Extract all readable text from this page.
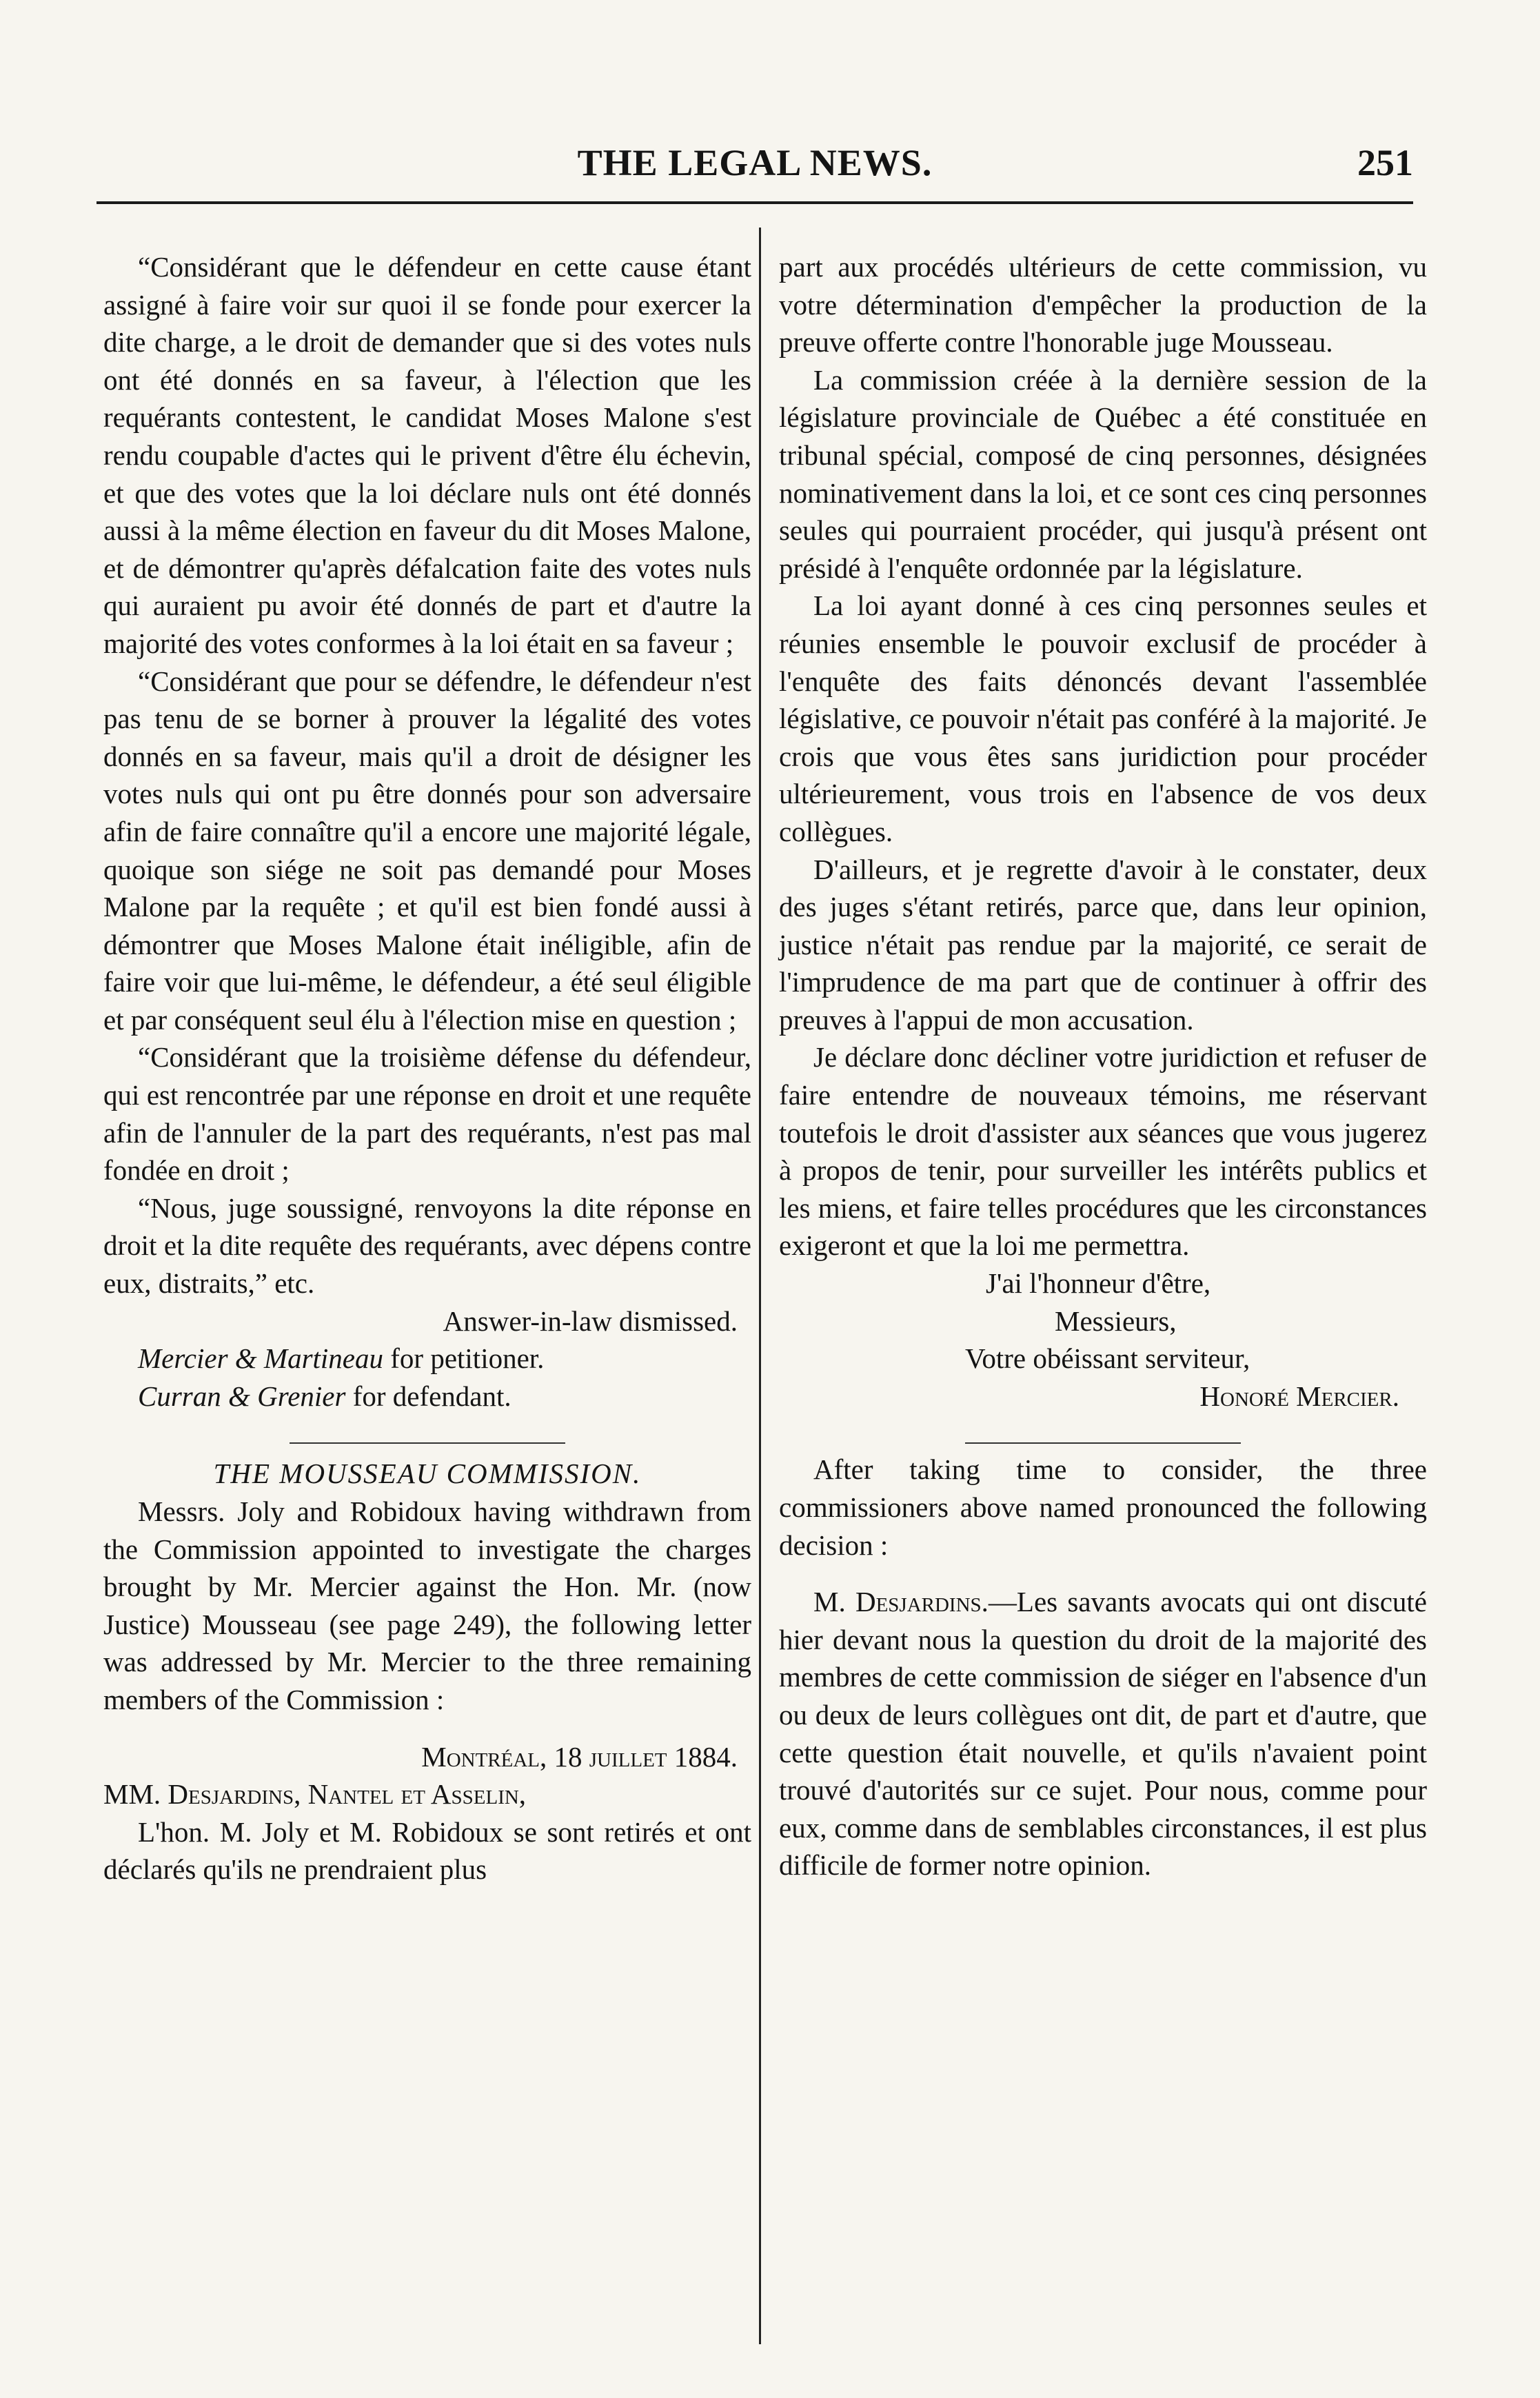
THE LEGAL NEWS.	251

“Considérant que le défendeur en cette cause étant assigné à faire voir sur quoi il se fonde pour exercer la dite charge, a le droit de demander que si des votes nuls ont été donnés en sa faveur, à l'élection que les requérants contestent, le candidat Moses Malone s'est rendu coupable d'actes qui le privent d'être élu échevin, et que des votes que la loi déclare nuls ont été donnés aussi à la même élection en faveur du dit Moses Malone, et de démontrer qu'après défalcation faite des votes nuls qui auraient pu avoir été donnés de part et d'autre la majorité des votes conformes à la loi était en sa faveur ;

“Considérant que pour se défendre, le défendeur n'est pas tenu de se borner à prouver la légalité des votes donnés en sa faveur, mais qu'il a droit de désigner les votes nuls qui ont pu être donnés pour son adversaire afin de faire connaître qu'il a encore une majorité légale, quoique son siége ne soit pas demandé pour Moses Malone par la requête ; et qu'il est bien fondé aussi à démontrer que Moses Malone était inéligible, afin de faire voir que lui-même, le défendeur, a été seul éligible et par conséquent seul élu à l'élection mise en question ;

“Considérant que la troisième défense du défendeur, qui est rencontrée par une réponse en droit et une requête afin de l'annuler de la part des requérants, n'est pas mal fondée en droit ;

“Nous, juge soussigné, renvoyons la dite réponse en droit et la dite requête des requérants, avec dépens contre eux, distraits,” etc.

Answer-in-law dismissed.

Mercier & Martineau for petitioner.

Curran & Grenier for defendant.

THE MOUSSEAU COMMISSION.

Messrs. Joly and Robidoux having withdrawn from the Commission appointed to investigate the charges brought by Mr. Mercier against the Hon. Mr. (now Justice) Mousseau (see page 249), the following letter was addressed by Mr. Mercier to the three remaining members of the Commission :

Montréal, 18 juillet 1884.

MM. Desjardins, Nantel et Asselin,

L'hon. M. Joly et M. Robidoux se sont retirés et ont déclarés qu'ils ne prendraient plus

part aux procédés ultérieurs de cette commission, vu votre détermination d'empêcher la production de la preuve offerte contre l'honorable juge Mousseau.

La commission créée à la dernière session de la législature provinciale de Québec a été constituée en tribunal spécial, composé de cinq personnes, désignées nominativement dans la loi, et ce sont ces cinq personnes seules qui pourraient procéder, qui jusqu'à présent ont présidé à l'enquête ordonnée par la législature.

La loi ayant donné à ces cinq personnes seules et réunies ensemble le pouvoir exclusif de procéder à l'enquête des faits dénoncés devant l'assemblée législative, ce pouvoir n'était pas conféré à la majorité. Je crois que vous êtes sans juridiction pour procéder ultérieurement, vous trois en l'absence de vos deux collègues.

D'ailleurs, et je regrette d'avoir à le constater, deux des juges s'étant retirés, parce que, dans leur opinion, justice n'était pas rendue par la majorité, ce serait de l'imprudence de ma part que de continuer à offrir des preuves à l'appui de mon accusation.

Je déclare donc décliner votre juridiction et refuser de faire entendre de nouveaux témoins, me réservant toutefois le droit d'assister aux séances que vous jugerez à propos de tenir, pour surveiller les intérêts publics et les miens, et faire telles procédures que les circonstances exigeront et que la loi me permettra.

J'ai l'honneur d'être,

Messieurs,

Votre obéissant serviteur,

Honoré Mercier.

After taking time to consider, the three commissioners above named pronounced the following decision :

M. Desjardins.—Les savants avocats qui ont discuté hier devant nous la question du droit de la majorité des membres de cette commission de siéger en l'absence d'un ou deux de leurs collègues ont dit, de part et d'autre, que cette question était nouvelle, et qu'ils n'avaient point trouvé d'autorités sur ce sujet. Pour nous, comme pour eux, comme dans de semblables circonstances, il est plus difficile de former notre opinion.
